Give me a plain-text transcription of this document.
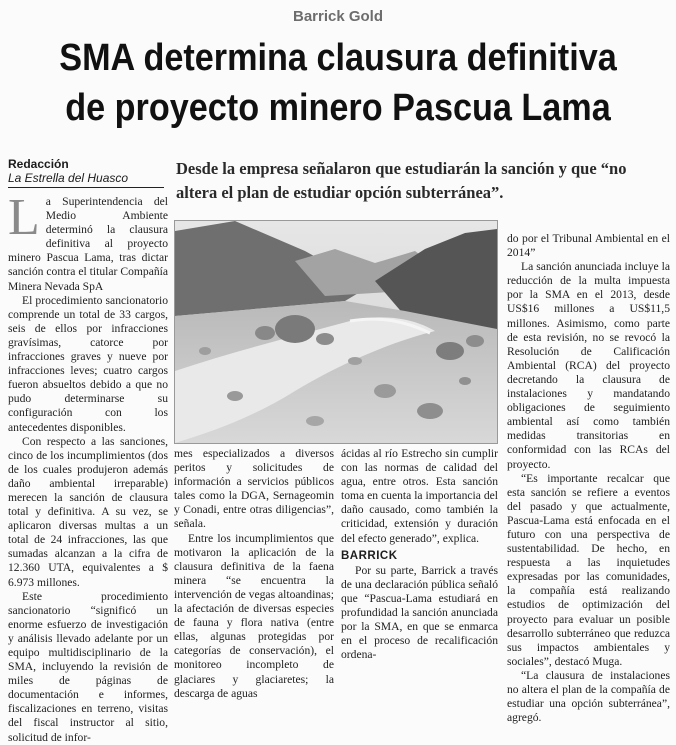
Barrick Gold
SMA determina clausura definitiva
de proyecto minero Pascua Lama
Redacción
La Estrella del Huasco	Desde la empresa señalaron que estudiarán la sanción y que “no altera el plan de estudiar opción subterránea”.

La Superintendencia del Medio Ambiente determinó la clausura definitiva al proyecto minero Pascua Lama, tras dictar sanción contra el titular Compañía Minera Nevada SpA

El procedimiento sancionatorio comprende un total de 33 cargos, seis de ellos por infracciones gravísimas, catorce por infracciones graves y nueve por infracciones leves; cuatro cargos fueron absueltos debido a que no pudo determinarse su configuración con los antecedentes disponibles.

Con respecto a las sanciones, cinco de los incumplimientos (dos de los cuales produjeron además daño ambiental irreparable) merecen la sanción de clausura total y definitiva. A su vez, se aplicaron diversas multas a un total de 24 infracciones, las que sumadas alcanzan a la cifra de 12.360 UTA, equivalentes a $ 6.973 millones.

Este procedimiento sancionatorio “significó un enorme esfuerzo de investigación y análisis llevado adelante por un equipo multidisciplinario de la SMA, incluyendo la revisión de miles de páginas de documentación e informes, fiscalizaciones en terreno, visitas del fiscal instructor al sitio, solicitud de infor-

mes especializados a diversos peritos y solicitudes de información a servicios públicos tales como la DGA, Sernageomin y Conadi, entre otras diligencias”, señala.

Entre los incumplimientos que motivaron la aplicación de la clausura definitiva de la faena minera “se encuentra la intervención de vegas altoandinas; la afectación de diversas especies de fauna y flora nativa (entre ellas, algunas protegidas por categorías de conservación), el monitoreo incompleto de glaciares y glaciaretes; la descarga de aguas

ácidas al río Estrecho sin cumplir con las normas de calidad del agua, entre otros. Esta sanción toma en cuenta la importancia del daño causado, como también la criticidad, extensión y duración del efecto generado”, explica.

BARRICK

Por su parte, Barrick a través de una declaración pública señaló que “Pascua-Lama estudiará en profundidad la sanción anunciada por la SMA, en que se enmarca en el proceso de recalificación ordena-

do por el Tribunal Ambiental en el 2014”

La sanción anunciada incluye la reducción de la multa impuesta por la SMA en el 2013, desde US$16 millones a US$11,5 millones. Asimismo, como parte de esta revisión, no se revocó la Resolución de Calificación Ambiental (RCA) del proyecto decretando la clausura de instalaciones y mandatando obligaciones de seguimiento ambiental así como también medidas transitorias en conformidad con las RCAs del proyecto.

“Es importante recalcar que esta sanción se refiere a eventos del pasado y que actualmente, Pascua-Lama está enfocada en el futuro con una perspectiva de sustentabilidad. De hecho, en respuesta a las inquietudes expresadas por las comunidades, la compañía está realizando estudios de optimización del proyecto para evaluar un posible desarrollo subterráneo que reduzca sus impactos ambientales y sociales”, destacó Muga.

“La clausura de instalaciones no altera el plan de la compañía de estudiar una opción subterránea”, agregó.
